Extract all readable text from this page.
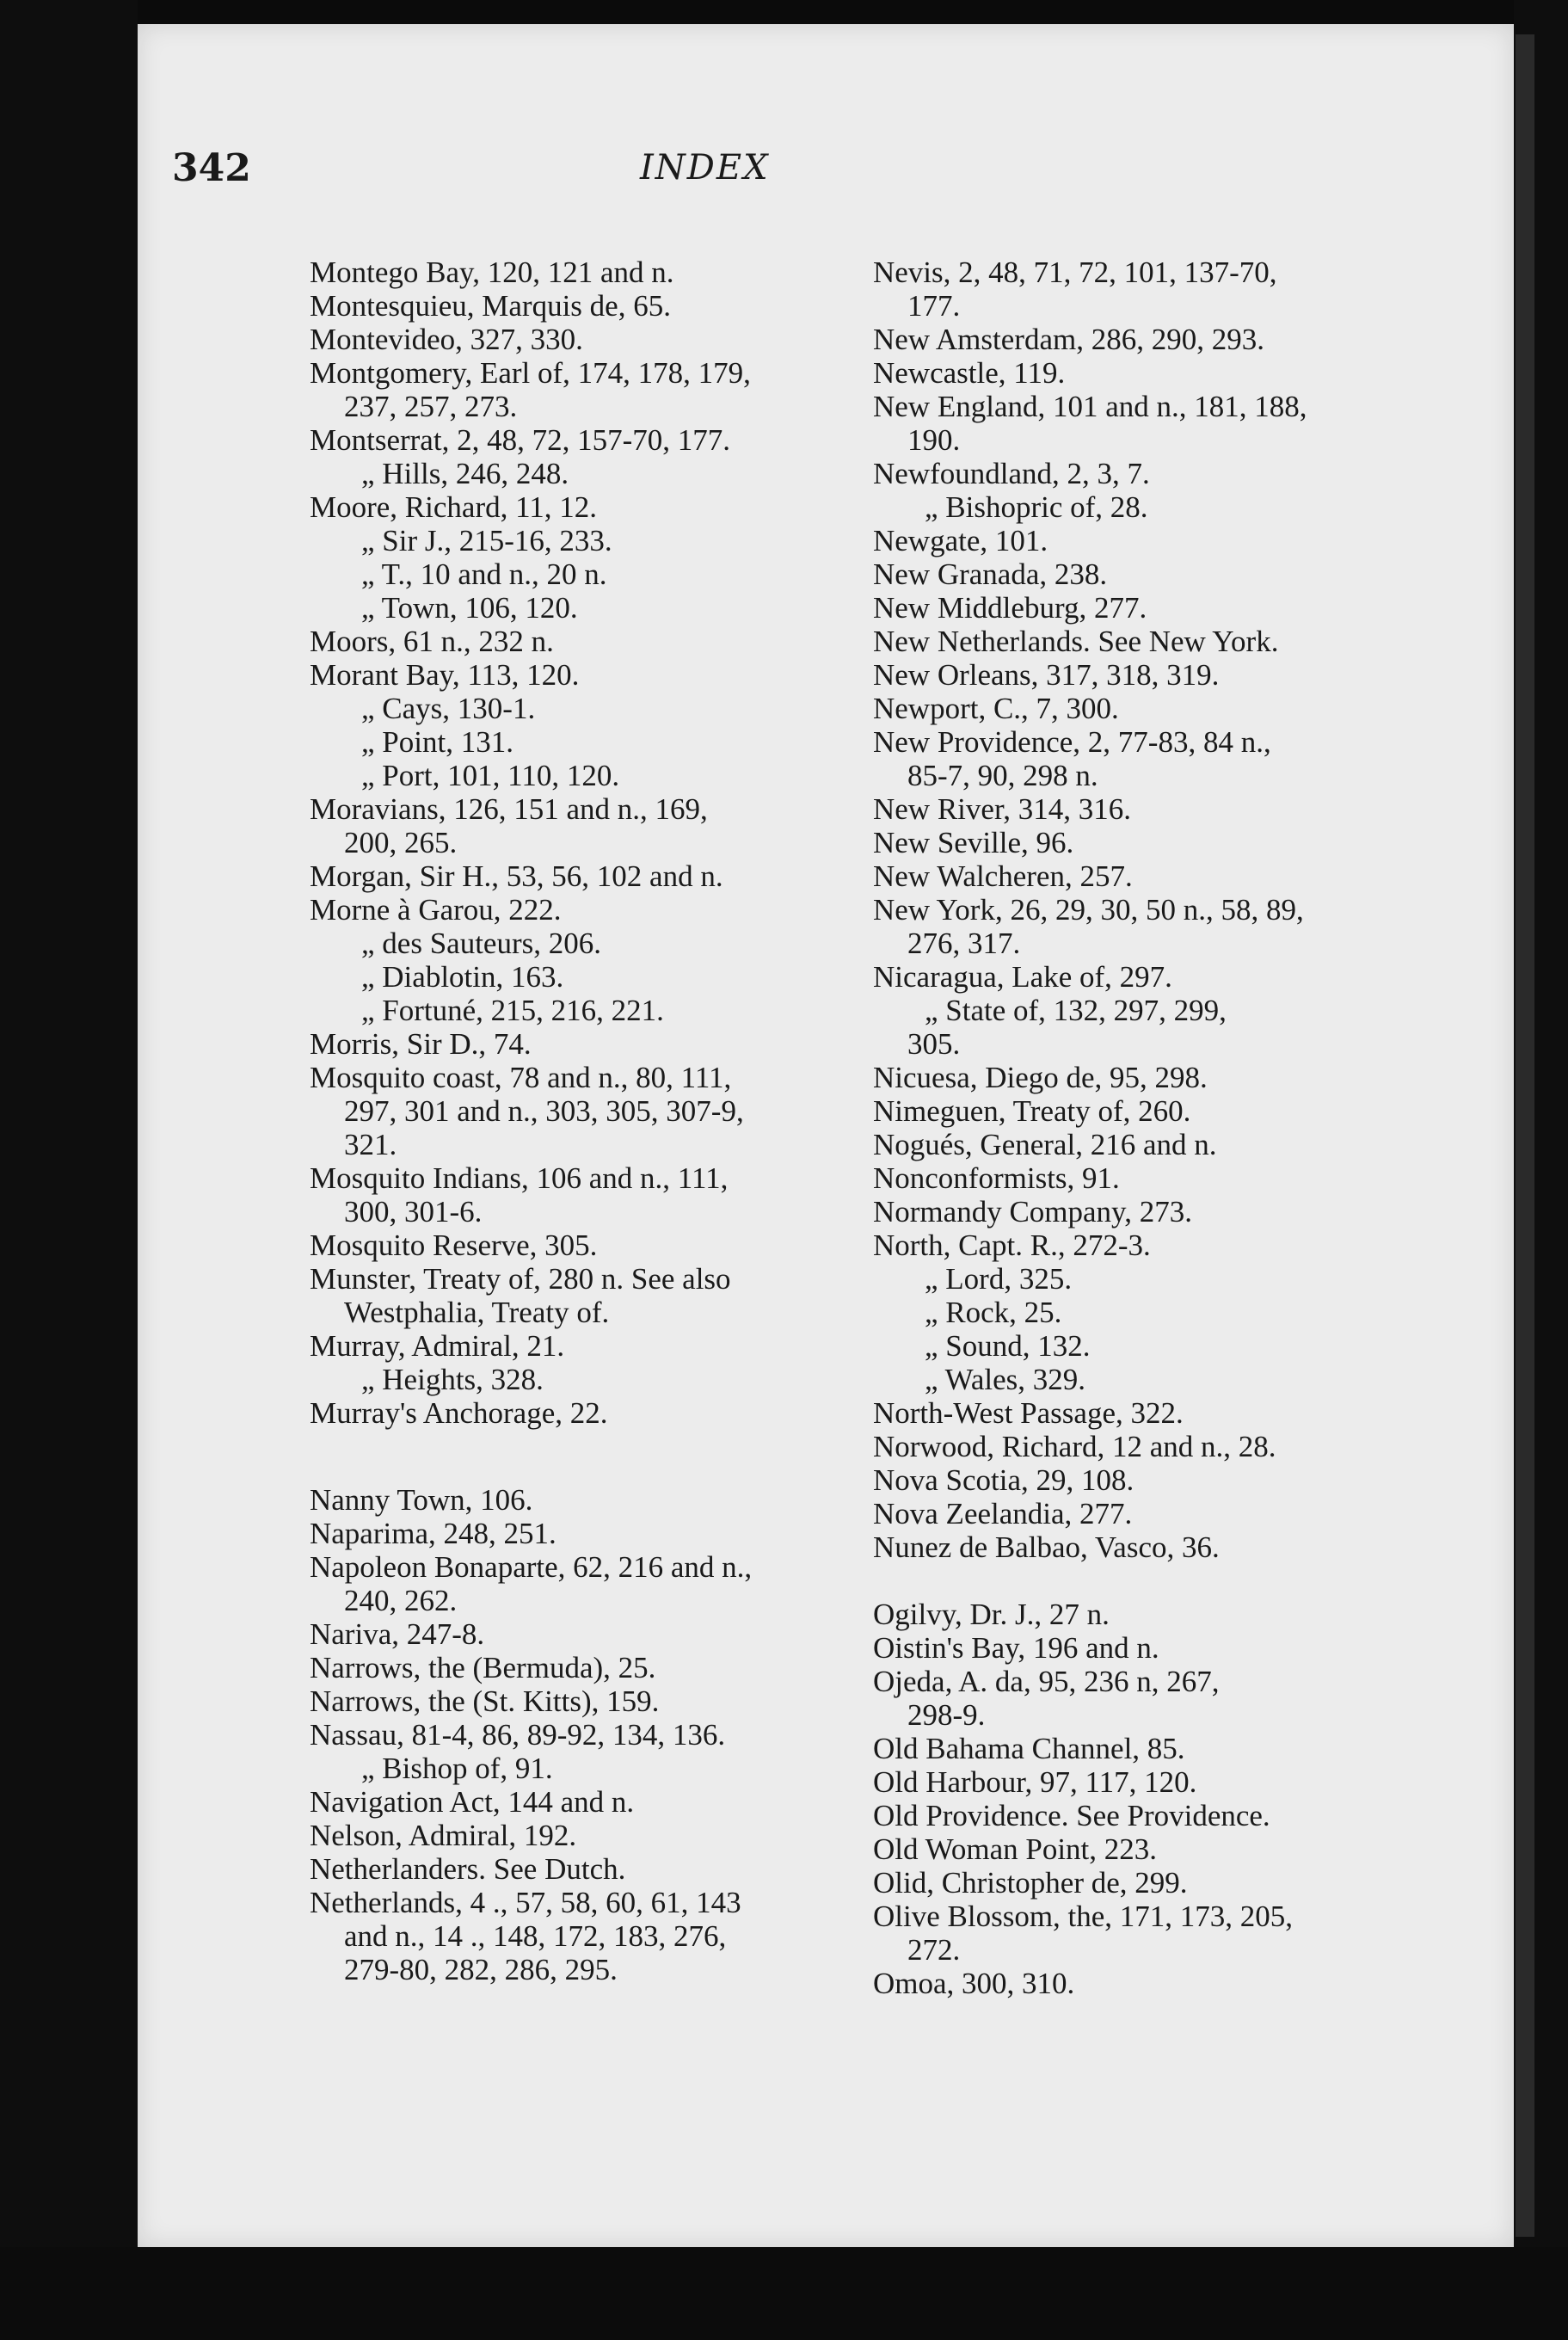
342	INDEX
Montego Bay, 120, 121 and n.
Montesquieu, Marquis de, 65.
Montevideo, 327, 330.
Montgomery, Earl of, 174, 178, 179,
237, 257, 273.
Montserrat, 2, 48, 72, 157-70, 177.
„ Hills, 246, 248.
Moore, Richard, 11, 12.
„ Sir J., 215-16, 233.
„ T., 10 and n., 20 n.
„ Town, 106, 120.
Moors, 61 n., 232 n.
Morant Bay, 113, 120.
„ Cays, 130-1.
„ Point, 131.
„ Port, 101, 110, 120.
Moravians, 126, 151 and n., 169,
200, 265.
Morgan, Sir H., 53, 56, 102 and n.
Morne à Garou, 222.
„ des Sauteurs, 206.
„ Diablotin, 163.
„ Fortuné, 215, 216, 221.
Morris, Sir D., 74.
Mosquito coast, 78 and n., 80, 111,
297, 301 and n., 303, 305, 307-9,
321.
Mosquito Indians, 106 and n., 111,
300, 301-6.
Mosquito Reserve, 305.
Munster, Treaty of, 280 n. See also
Westphalia, Treaty of.
Murray, Admiral, 21.
„ Heights, 328.
Murray's Anchorage, 22.
Nanny Town, 106.
Naparima, 248, 251.
Napoleon Bonaparte, 62, 216 and n.,
240, 262.
Nariva, 247-8.
Narrows, the (Bermuda), 25.
Narrows, the (St. Kitts), 159.
Nassau, 81-4, 86, 89-92, 134, 136.
„ Bishop of, 91.
Navigation Act, 144 and n.
Nelson, Admiral, 192.
Netherlanders. See Dutch.
Netherlands, 4 ., 57, 58, 60, 61, 143
and n., 14 ., 148, 172, 183, 276,
279-80, 282, 286, 295.
Nevis, 2, 48, 71, 72, 101, 137-70,
177.
New Amsterdam, 286, 290, 293.
Newcastle, 119.
New England, 101 and n., 181, 188,
190.
Newfoundland, 2, 3, 7.
„ Bishopric of, 28.
Newgate, 101.
New Granada, 238.
New Middleburg, 277.
New Netherlands. See New York.
New Orleans, 317, 318, 319.
Newport, C., 7, 300.
New Providence, 2, 77-83, 84 n.,
85-7, 90, 298 n.
New River, 314, 316.
New Seville, 96.
New Walcheren, 257.
New York, 26, 29, 30, 50 n., 58, 89,
276, 317.
Nicaragua, Lake of, 297.
„ State of, 132, 297, 299,
305.
Nicuesa, Diego de, 95, 298.
Nimeguen, Treaty of, 260.
Nogués, General, 216 and n.
Nonconformists, 91.
Normandy Company, 273.
North, Capt. R., 272-3.
„ Lord, 325.
„ Rock, 25.
„ Sound, 132.
„ Wales, 329.
North-West Passage, 322.
Norwood, Richard, 12 and n., 28.
Nova Scotia, 29, 108.
Nova Zeelandia, 277.
Nunez de Balbao, Vasco, 36.
Ogilvy, Dr. J., 27 n.
Oistin's Bay, 196 and n.
Ojeda, A. da, 95, 236 n, 267,
298-9.
Old Bahama Channel, 85.
Old Harbour, 97, 117, 120.
Old Providence. See Providence.
Old Woman Point, 223.
Olid, Christopher de, 299.
Olive Blossom, the, 171, 173, 205,
272.
Omoa, 300, 310.
